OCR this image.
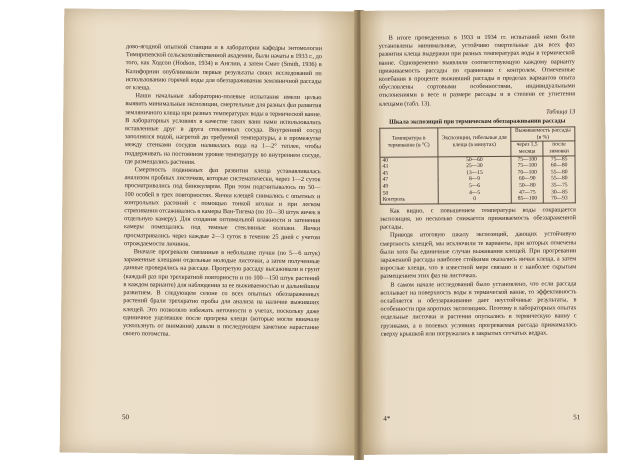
дово-ягодной опытной станции и в лаборатории кафедры энтомологии Тимирязевской сельскохозяйственной академии, были начаты в 1933 г., до того, как Ходсон (Hodson, 1934) в Англии, а затем Смит (Smith, 1936) в Калифорнии опубликовали первые результаты своих исследований по использованию горячей воды для обеззараживания земляничной рассады от клеща.

Наши начальные лабораторно-полевые испытания имели целью выявить минимальные экспозиции, смертельные для разных фаз развития земляничного клеща при разных температурах воды в термической ванне. В лабораторных условиях в качестве таких ванн нами использовались вставленные друг в друга стеклянных сосуда. Внутренний сосуд заполнялся водой, нагретой до требуемой температуры, а в промежутке между стенками сосудов наливалась вода на 1—2° теплее, чтобы поддерживать на постоянном уровне температуру во внутреннем сосуде, где размещались растения.

Смертность подвижных фаз развития клеща устанавливалась анализом пробных листочков, которые систематически, через 1—2 суток просматривались под бинокуляром. При этом подсчитывалось по 50—100 особей в трех повторностях. Яички клещей снимались с опытных и контрольных растений с помощью тонкой иголки и при легком стряхивании отсаживались в камеры Ван-Тигема (по 10—30 штук яичек в отдельную камеру). Для создания оптимальной влажности и затенения камеры помещались под темные стеклянные колпаки. Яички просматривались через каждые 2—3 суток в течение 25 дней с учетом отрождаемости личинок.

Вначале прогревали связанные в небольшие пучки (по 5—6 штук) зараженные клещами отдельные молодые листочки, а затем полученные данные проверялись на рассаде. Прогретую рассаду высаживали в грунт (каждый раз при трехкратной повторности и по 100—150 штук растений в каждом варианте) для наблюдения за ее выживаемостью и дальнейшим развитием. В следующем сезоне со всех опытных обеззараженных растений брали трехкратно пробы для анализа на наличие выживших клещей. Это позволяло избежать неточности в учетах, поскольку даже единичное уцелевшее после прогрева клещи (которые могли ввначале ускользнуть от внимания) давали в последующем заметное нарастание своего потомства.

50

В итоге проведенных в 1933 и 1934 гг. испытаний нами были установлены минимальные, устойчиво смертельные для всех фаз развития клеща выдержки при разных температурах воды в термической ванне. Одновременно выявляли соответствующую каждому варианту приживаемость рассады по сравнению с контролем. Отмеченные колебания в проценте выживший рассады в пределах вариантов опыта обусловлены сортовыми особенностями, индивидуальными отклонениями в весе и размере рассады и в степени ее угнетения клещами (табл. 13).

Таблица 13
Шкала экспозиций при термическом обеззараживании рассады
Температура в термованне (в °С)	Экспозиции, гибельные для клеща (в минутах)	Выживаемость рассады (в %)	
		через 1,5 месяца	после зимовки
40	50—60	75—100	75—85
43	25—30	75—100	60—80
45	13—15	70—100	55—80
47	8—9	60—90	55—80
49	5—6	50—80	35—75
50	4—5	47—75	30—85
Контроль	0	85—100	70—93

Как видно, с повышением температуры воды сокращается экспозиция, но несколько снижается приживаемость обеззараженной рассады.

Приводя итоговую шкалу экспозиций, дающих устойчивую смертность клещей, мы исключили те варианты, при которых отмечены были хотя бы единичные случаи выживания клещей. При прогревании зараженной рассады наиболее стойкими оказались яички клеща, а затем взрослые клещи, что в известной мере связано и с наиболее скрытым размещением этих фаз на листочках.

В самом начале исследований было установлено, что если рассада всплывает на поверхность воды в термической ванне, то эффективность ослабляется и обеззараживание дает неустойчивые результаты, в особенности при коротких экспозициях. Поэтому в лабораторных опытах отдельные листочки и растения опускались в термическую ванну с грузиками, а в полевых условиях прогреваемая рассада прижималась сверху крышкой или погружалась в закрытых сетчатых ведрах.

4*	51
